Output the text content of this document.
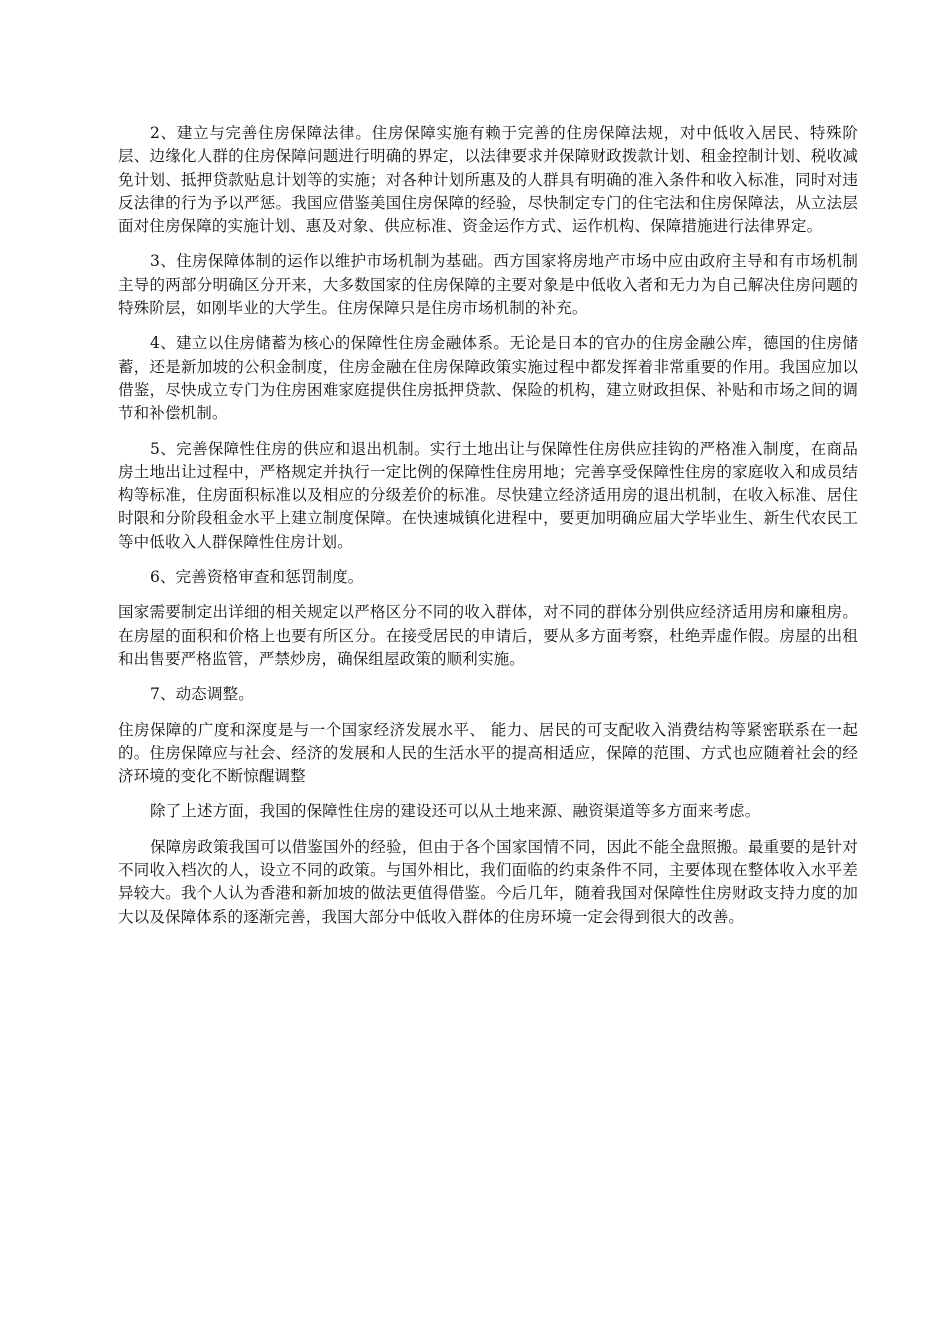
2、建立与完善住房保障法律。住房保障实施有赖于完善的住房保障法规，对中低收入居民、特殊阶层、边缘化人群的住房保障问题进行明确的界定，以法律要求并保障财政拨款计划、租金控制计划、税收减免计划、抵押贷款贴息计划等的实施；对各种计划所惠及的人群具有明确的准入条件和收入标准，同时对违反法律的行为予以严惩。我国应借鉴美国住房保障的经验，尽快制定专门的住宅法和住房保障法，从立法层面对住房保障的实施计划、惠及对象、供应标准、资金运作方式、运作机构、保障措施进行法律界定。

3、住房保障体制的运作以维护市场机制为基础。西方国家将房地产市场中应由政府主导和有市场机制主导的两部分明确区分开来，大多数国家的住房保障的主要对象是中低收入者和无力为自己解决住房问题的特殊阶层，如刚毕业的大学生。住房保障只是住房市场机制的补充。

4、建立以住房储蓄为核心的保障性住房金融体系。无论是日本的官办的住房金融公库，德国的住房储蓄，还是新加坡的公积金制度，住房金融在住房保障政策实施过程中都发挥着非常重要的作用。我国应加以借鉴，尽快成立专门为住房困难家庭提供住房抵押贷款、保险的机构，建立财政担保、补贴和市场之间的调节和补偿机制。

5、完善保障性住房的供应和退出机制。实行土地出让与保障性住房供应挂钩的严格准入制度，在商品房土地出让过程中，严格规定并执行一定比例的保障性住房用地；完善享受保障性住房的家庭收入和成员结构等标准，住房面积标准以及相应的分级差价的标准。尽快建立经济适用房的退出机制，在收入标准、居住时限和分阶段租金水平上建立制度保障。在快速城镇化进程中，要更加明确应届大学毕业生、新生代农民工等中低收入人群保障性住房计划。

6、完善资格审查和惩罚制度。

国家需要制定出详细的相关规定以严格区分不同的收入群体，对不同的群体分别供应经济适用房和廉租房。在房屋的面积和价格上也要有所区分。在接受居民的申请后，要从多方面考察，杜绝弄虚作假。房屋的出租和出售要严格监管，严禁炒房，确保组屋政策的顺利实施。

7、动态调整。

住房保障的广度和深度是与一个国家经济发展水平、 能力、居民的可支配收入消费结构等紧密联系在一起的。住房保障应与社会、经济的发展和人民的生活水平的提高相适应，保障的范围、方式也应随着社会的经济环境的变化不断惊醒调整

除了上述方面，我国的保障性住房的建设还可以从土地来源、融资渠道等多方面来考虑。

保障房政策我国可以借鉴国外的经验，但由于各个国家国情不同，因此不能全盘照搬。最重要的是针对不同收入档次的人，设立不同的政策。与国外相比，我们面临的约束条件不同，主要体现在整体收入水平差异较大。我个人认为香港和新加坡的做法更值得借鉴。今后几年，随着我国对保障性住房财政支持力度的加大以及保障体系的逐渐完善，我国大部分中低收入群体的住房环境一定会得到很大的改善。
